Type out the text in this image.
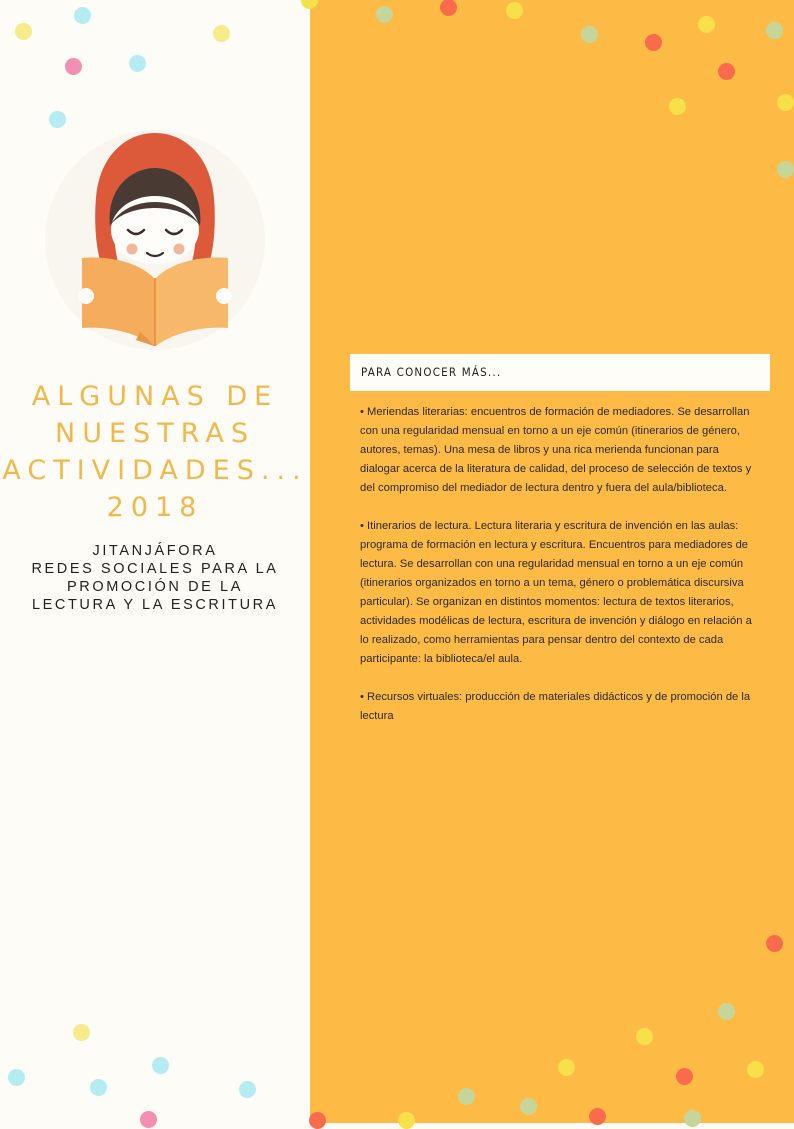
ALGUNAS DE
NUESTRAS
ACTIVIDADES...
2018
JITANJÁFORA
REDES SOCIALES PARA LA
PROMOCIÓN DE LA
LECTURA Y LA ESCRITURA
PARA CONOCER MÁS...

• Meriendas literarias: encuentros de formación de mediadores. Se desarrollan con una regularidad mensual en torno a un eje común (itinerarios de género, autores, temas). Una mesa de libros y una rica merienda funcionan para dialogar acerca de la literatura de calidad, del proceso de selección de textos y del compromiso del mediador de lectura dentro y fuera del aula/biblioteca.

• Itinerarios de lectura. Lectura literaria y escritura de invención en las aulas: programa de formación en lectura y escritura. Encuentros para mediadores de lectura. Se desarrollan con una regularidad mensual en torno a un eje común (itinerarios organizados en torno a un tema, género o problemática discursiva particular). Se organizan en distintos momentos: lectura de textos literarios, actividades modélicas de lectura, escritura de invención y diálogo en relación a lo realizado, como herramientas para pensar dentro del contexto de cada participante: la biblioteca/el aula.

• Recursos virtuales: producción de materiales didácticos y de promoción de la lectura
